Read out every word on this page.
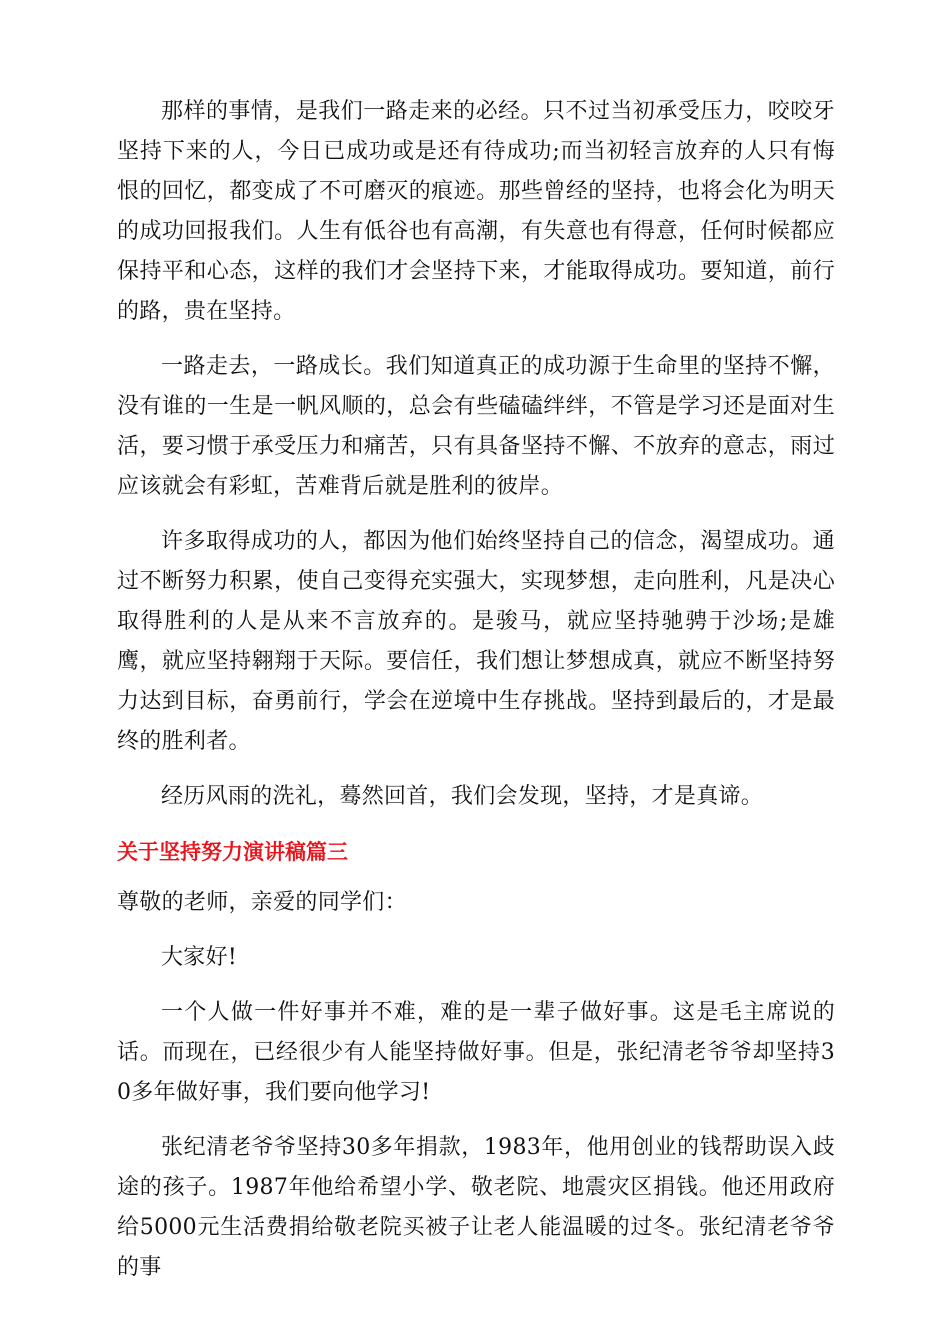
那样的事情，是我们一路走来的必经。只不过当初承受压力，咬咬牙坚持下来的人，今日已成功或是还有待成功;而当初轻言放弃的人只有悔恨的回忆，都变成了不可磨灭的痕迹。那些曾经的坚持，也将会化为明天的成功回报我们。人生有低谷也有高潮，有失意也有得意，任何时候都应保持平和心态，这样的我们才会坚持下来，才能取得成功。要知道，前行的路，贵在坚持。

一路走去，一路成长。我们知道真正的成功源于生命里的坚持不懈，没有谁的一生是一帆风顺的，总会有些磕磕绊绊，不管是学习还是面对生活，要习惯于承受压力和痛苦，只有具备坚持不懈、不放弃的意志，雨过应该就会有彩虹，苦难背后就是胜利的彼岸。

许多取得成功的人，都因为他们始终坚持自己的信念，渴望成功。通过不断努力积累，使自己变得充实强大，实现梦想，走向胜利，凡是决心取得胜利的人是从来不言放弃的。是骏马，就应坚持驰骋于沙场;是雄鹰，就应坚持翱翔于天际。要信任，我们想让梦想成真，就应不断坚持努力达到目标，奋勇前行，学会在逆境中生存挑战。坚持到最后的，才是最终的胜利者。

经历风雨的洗礼，蓦然回首，我们会发现，坚持，才是真谛。

关于坚持努力演讲稿篇三

尊敬的老师，亲爱的同学们：

大家好!

一个人做一件好事并不难，难的是一辈子做好事。这是毛主席说的话。而现在，已经很少有人能坚持做好事。但是，张纪清老爷爷却坚持30多年做好事，我们要向他学习!

张纪清老爷爷坚持30多年捐款，1983年，他用创业的钱帮助误入歧途的孩子。1987年他给希望小学、敬老院、地震灾区捐钱。他还用政府给5000元生活费捐给敬老院买被子让老人能温暖的过冬。张纪清老爷爷的事
